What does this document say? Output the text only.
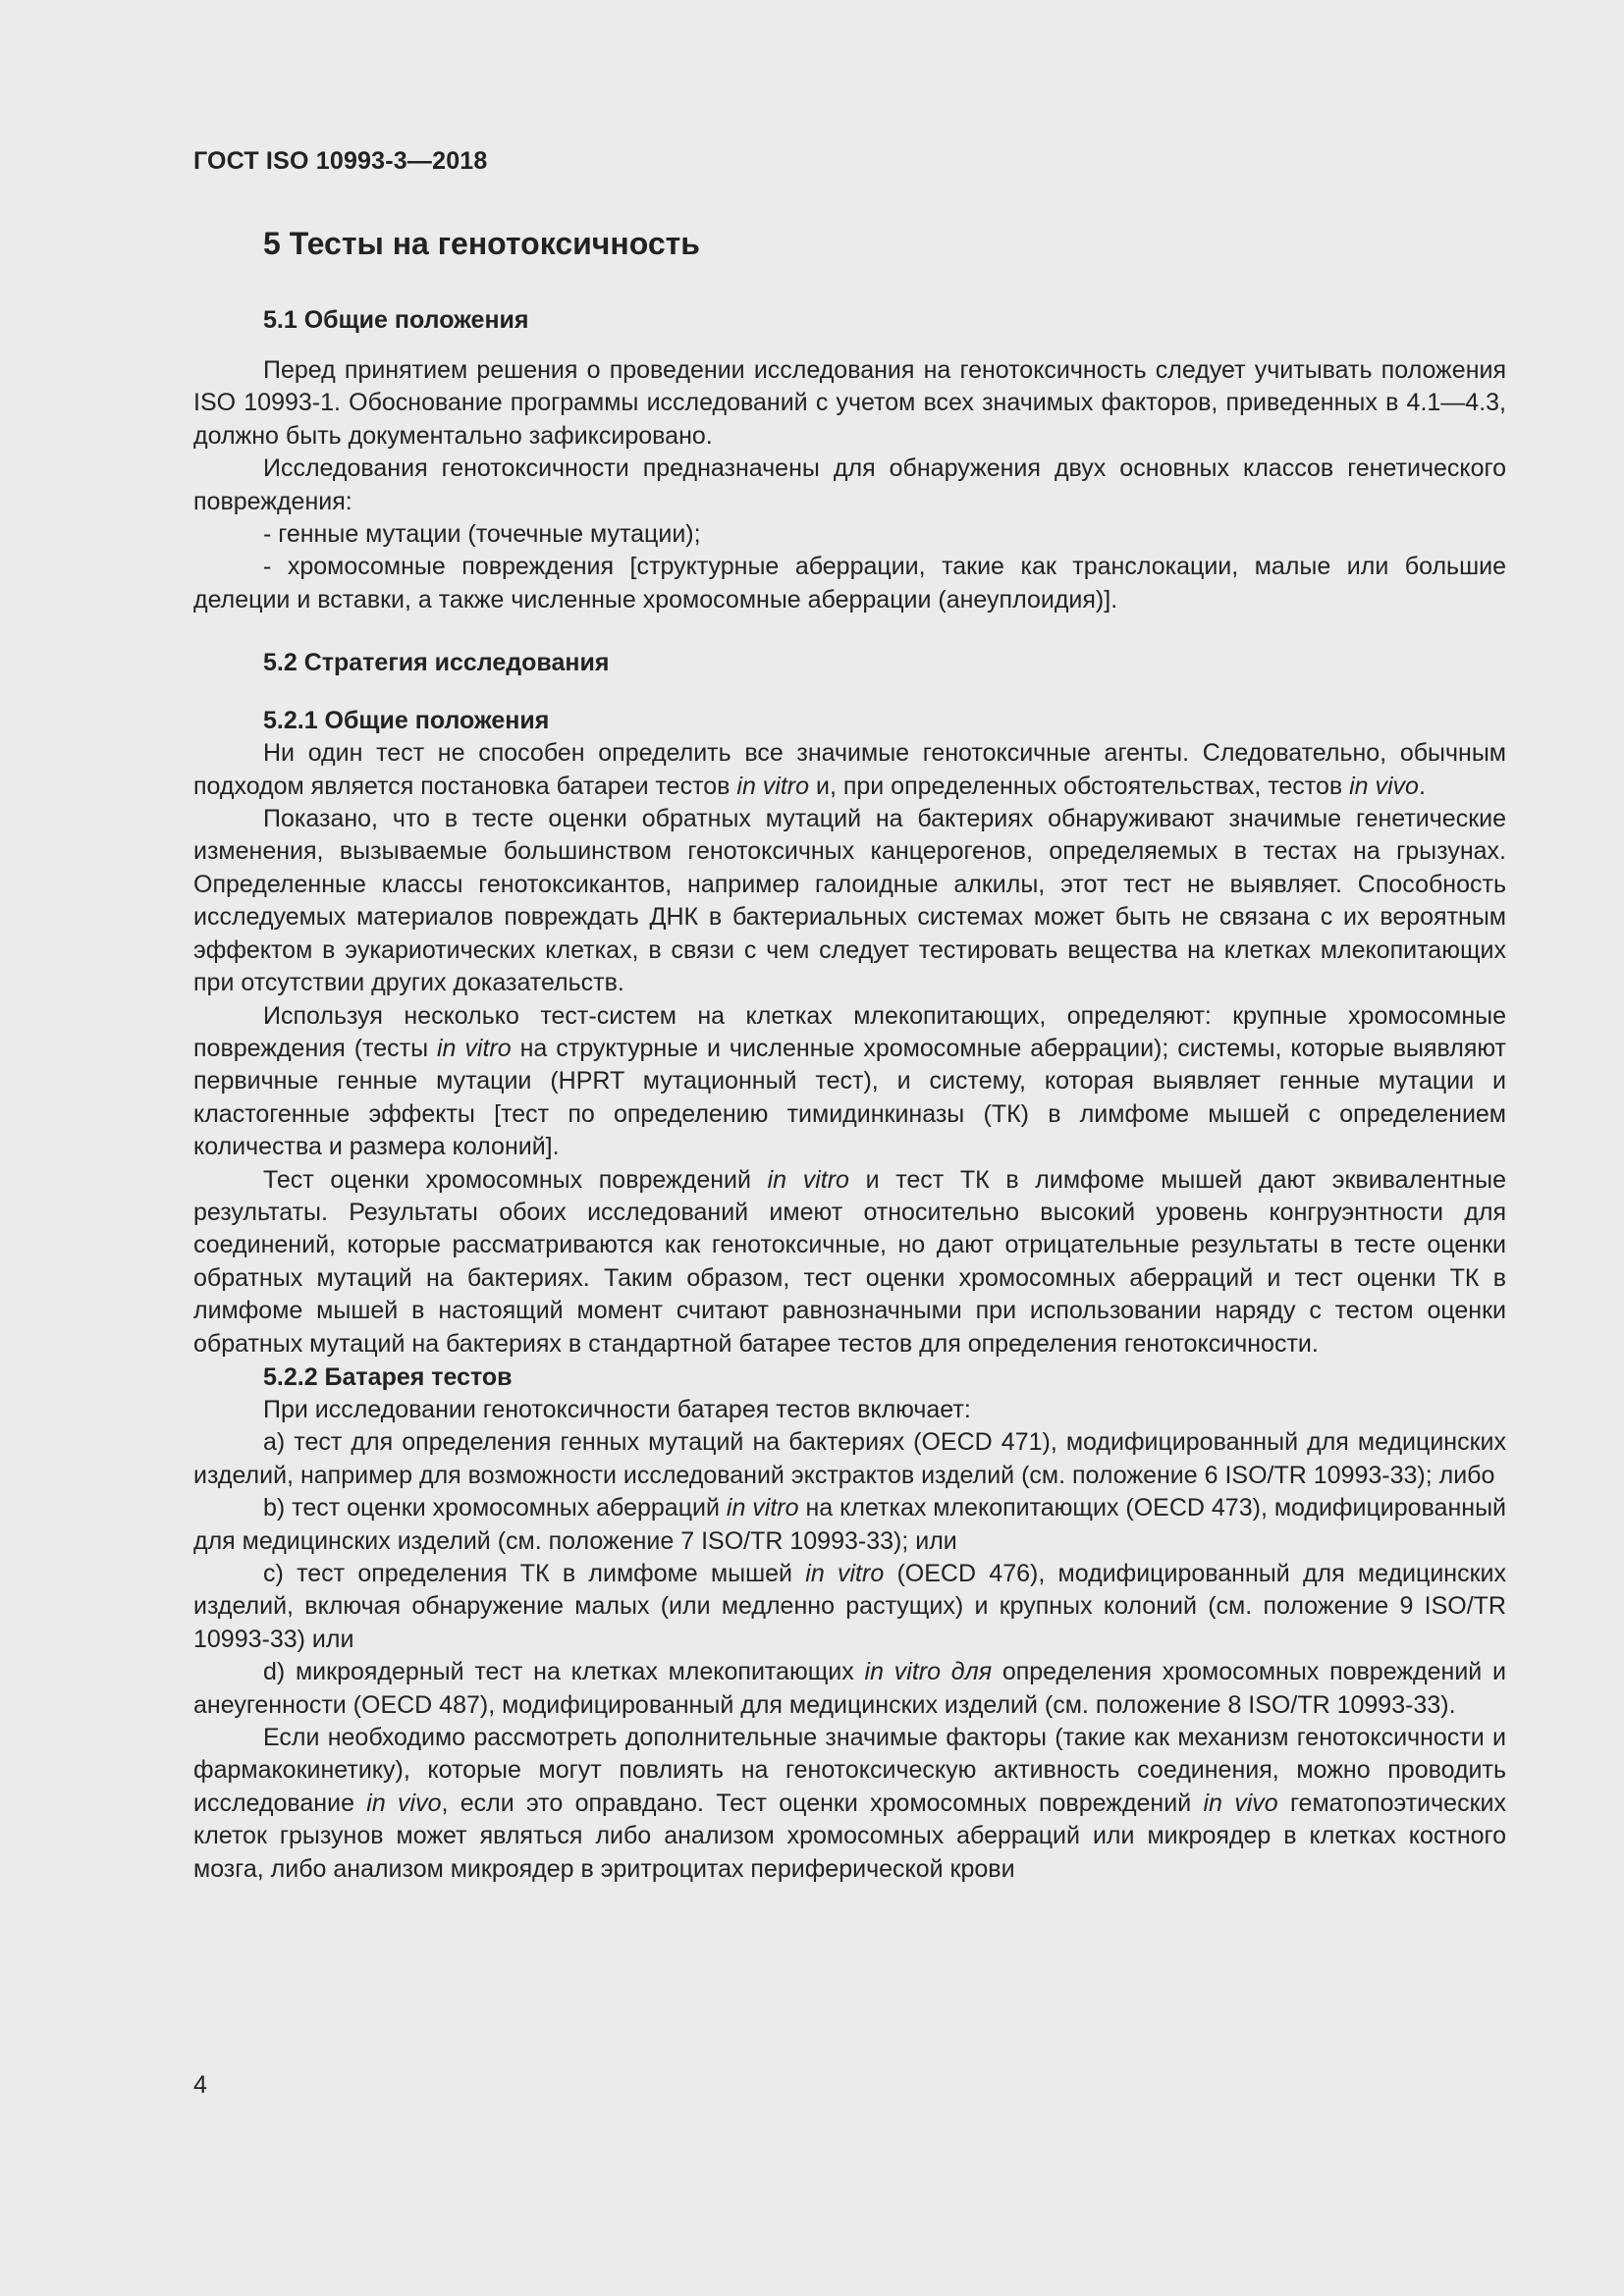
ГОСТ ISO 10993-3—2018
5 Тесты на генотоксичность
5.1 Общие положения

Перед принятием решения о проведении исследования на генотоксичность следует учитывать положения ISO 10993-1. Обоснование программы исследований с учетом всех значимых факторов, приведенных в 4.1—4.3, должно быть документально зафиксировано.

Исследования генотоксичности предназначены для обнаружения двух основных классов генетического повреждения:

- генные мутации (точечные мутации);

- хромосомные повреждения [структурные аберрации, такие как транслокации, малые или большие делеции и вставки, а также численные хромосомные аберрации (анеуплоидия)].

5.2 Стратегия исследования
5.2.1 Общие положения

Ни один тест не способен определить все значимые генотоксичные агенты. Следовательно, обычным подходом является постановка батареи тестов in vitro и, при определенных обстоятельствах, тестов in vivo.

Показано, что в тесте оценки обратных мутаций на бактериях обнаруживают значимые генетические изменения, вызываемые большинством генотоксичных канцерогенов, определяемых в тестах на грызунах. Определенные классы генотоксикантов, например галоидные алкилы, этот тест не выявляет. Способность исследуемых материалов повреждать ДНК в бактериальных системах может быть не связана с их вероятным эффектом в эукариотических клетках, в связи с чем следует тестировать вещества на клетках млекопитающих при отсутствии других доказательств.

Используя несколько тест-систем на клетках млекопитающих, определяют: крупные хромосомные повреждения (тесты in vitro на структурные и численные хромосомные аберрации); системы, которые выявляют первичные генные мутации (HPRT мутационный тест), и систему, которая выявляет генные мутации и кластогенные эффекты [тест по определению тимидинкиназы (ТК) в лимфоме мышей с определением количества и размера колоний].

Тест оценки хромосомных повреждений in vitro и тест ТК в лимфоме мышей дают эквивалентные результаты. Результаты обоих исследований имеют относительно высокий уровень конгруэнтности для соединений, которые рассматриваются как генотоксичные, но дают отрицательные результаты в тесте оценки обратных мутаций на бактериях. Таким образом, тест оценки хромосомных аберраций и тест оценки ТК в лимфоме мышей в настоящий момент считают равнозначными при использовании наряду с тестом оценки обратных мутаций на бактериях в стандартной батарее тестов для определения генотоксичности.

5.2.2 Батарея тестов

При исследовании генотоксичности батарея тестов включает:

а) тест для определения генных мутаций на бактериях (OECD 471), модифицированный для медицинских изделий, например для возможности исследований экстрактов изделий (см. положение 6 ISO/TR 10993-33); либо

b) тест оценки хромосомных аберраций in vitro на клетках млекопитающих (OECD 473), модифицированный для медицинских изделий (см. положение 7 ISO/TR 10993-33); или

c) тест определения ТК в лимфоме мышей in vitro (OECD 476), модифицированный для медицинских изделий, включая обнаружение малых (или медленно растущих) и крупных колоний (см. положение 9 ISO/TR 10993-33) или

d) микроядерный тест на клетках млекопитающих in vitro для определения хромосомных повреждений и анеугенности (OECD 487), модифицированный для медицинских изделий (см. положение 8 ISO/TR 10993-33).

Если необходимо рассмотреть дополнительные значимые факторы (такие как механизм генотоксичности и фармакокинетику), которые могут повлиять на генотоксическую активность соединения, можно проводить исследование in vivo, если это оправдано. Тест оценки хромосомных повреждений in vivo гематопоэтических клеток грызунов может являться либо анализом хромосомных аберраций или микроядер в клетках костного мозга, либо анализом микроядер в эритроцитах периферической крови

4
